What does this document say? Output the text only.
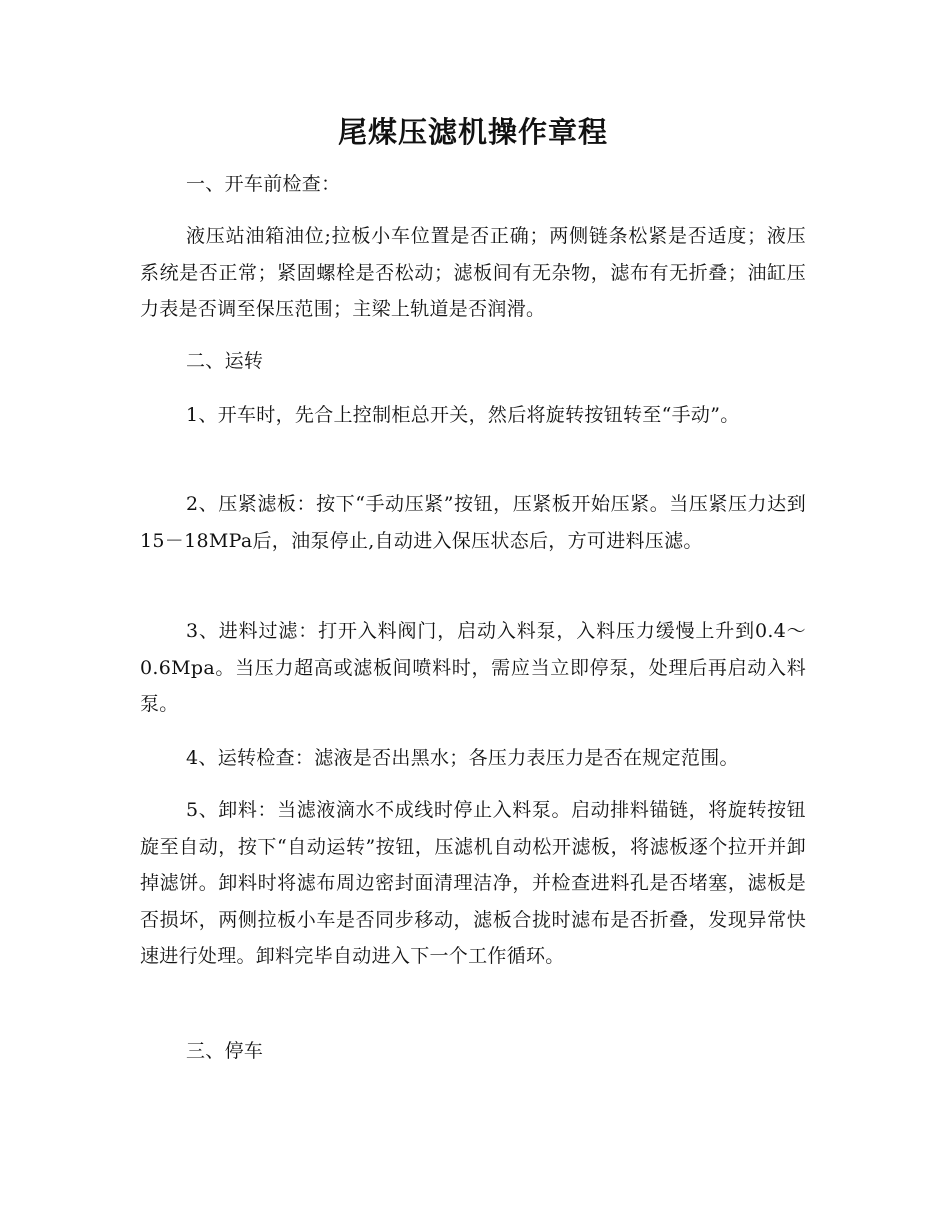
尾煤压滤机操作章程

一、开车前检查：

液压站油箱油位;拉板小车位置是否正确；两侧链条松紧是否适度；液压系统是否正常；紧固螺栓是否松动；滤板间有无杂物，滤布有无折叠；油缸压力表是否调至保压范围；主梁上轨道是否润滑。

二、运转

1、开车时，先合上控制柜总开关，然后将旋转按钮转至“手动”。

2、压紧滤板：按下“手动压紧”按钮，压紧板开始压紧。当压紧压力达到15－18MPa后，油泵停止,自动进入保压状态后，方可进料压滤。

3、进料过滤：打开入料阀门，启动入料泵，入料压力缓慢上升到0.4～0.6Mpa。当压力超高或滤板间喷料时，需应当立即停泵，处理后再启动入料泵。

4、运转检查：滤液是否出黑水；各压力表压力是否在规定范围。

5、卸料：当滤液滴水不成线时停止入料泵。启动排料锚链，将旋转按钮旋至自动，按下“自动运转”按钮，压滤机自动松开滤板，将滤板逐个拉开并卸掉滤饼。卸料时将滤布周边密封面清理洁净，并检查进料孔是否堵塞，滤板是否损坏，两侧拉板小车是否同步移动，滤板合拢时滤布是否折叠，发现异常快速进行处理。卸料完毕自动进入下一个工作循环。

三、停车
